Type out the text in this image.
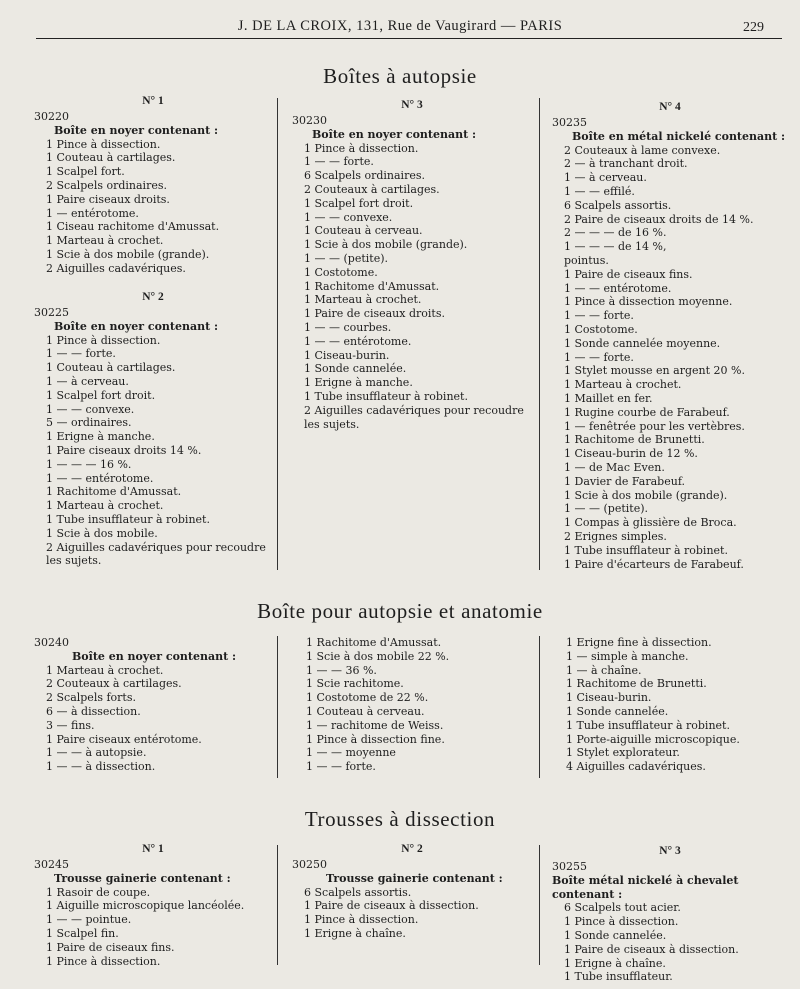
J. DE LA CROIX, 131, Rue de Vaugirard — PARIS	229
Boîtes à autopsie
N° 1
30220
Boîte en noyer contenant :
1 Pince à dissection.
1 Couteau à cartilages.
1 Scalpel fort.
2 Scalpels ordinaires.
1 Paire ciseaux droits.
1 — entérotome.
1 Ciseau rachitome d'Amussat.
1 Marteau à crochet.
1 Scie à dos mobile (grande).
2 Aiguilles cadavériques.
N° 2
30225
Boîte en noyer contenant :
1 Pince à dissection.
1 — — forte.
1 Couteau à cartilages.
1 — à cerveau.
1 Scalpel fort droit.
1 — — convexe.
5 — ordinaires.
1 Erigne à manche.
1 Paire ciseaux droits 14 %.
1 — — — 16 %.
1 — — entérotome.
1 Rachitome d'Amussat.
1 Marteau à crochet.
1 Tube insufflateur à robinet.
1 Scie à dos mobile.
2 Aiguilles cadavériques pour recoudre les sujets.
N° 3
30230
Boîte en noyer contenant :
1 Pince à dissection.
1 — — forte.
6 Scalpels ordinaires.
2 Couteaux à cartilages.
1 Scalpel fort droit.
1 — — convexe.
1 Couteau à cerveau.
1 Scie à dos mobile (grande).
1 — — (petite).
1 Costotome.
1 Rachitome d'Amussat.
1 Marteau à crochet.
1 Paire de ciseaux droits.
1 — — courbes.
1 — — entérotome.
1 Ciseau-burin.
1 Sonde cannelée.
1 Erigne à manche.
1 Tube insufflateur à robinet.
2 Aiguilles cadavériques pour recoudre les sujets.
N° 4
30235
Boîte en métal nickelé contenant :
2 Couteaux à lame convexe.
2 — à tranchant droit.
1 — à cerveau.
1 — — effilé.
6 Scalpels assortis.
2 Paire de ciseaux droits de 14 %.
2 — — — de 16 %.
1 — — — de 14 %,
pointus.
1 Paire de ciseaux fins.
1 — — entérotome.
1 Pince à dissection moyenne.
1 — — forte.
1 Costotome.
1 Sonde cannelée moyenne.
1 — — forte.
1 Stylet mousse en argent 20 %.
1 Marteau à crochet.
1 Maillet en fer.
1 Rugine courbe de Farabeuf.
1 — fenêtrée pour les vertèbres.
1 Rachitome de Brunetti.
1 Ciseau-burin de 12 %.
1 — de Mac Even.
1 Davier de Farabeuf.
1 Scie à dos mobile (grande).
1 — — (petite).
1 Compas à glissière de Broca.
2 Erignes simples.
1 Tube insufflateur à robinet.
1 Paire d'écarteurs de Farabeuf.
Boîte pour autopsie et anatomie
30240
Boîte en noyer contenant :
1 Marteau à crochet.
2 Couteaux à cartilages.
2 Scalpels forts.
6 — à dissection.
3 — fins.
1 Paire ciseaux entérotome.
1 — — à autopsie.
1 — — à dissection.
1 Rachitome d'Amussat.
1 Scie à dos mobile 22 %.
1 — — 36 %.
1 Scie rachitome.
1 Costotome de 22 %.
1 Couteau à cerveau.
1 — rachitome de Weiss.
1 Pince à dissection fine.
1 — — moyenne
1 — — forte.
1 Erigne fine à dissection.
1 — simple à manche.
1 — à chaîne.
1 Rachitome de Brunetti.
1 Ciseau-burin.
1 Sonde cannelée.
1 Tube insufflateur à robinet.
1 Porte-aiguille microscopique.
1 Stylet explorateur.
4 Aiguilles cadavériques.
Trousses à dissection
N° 1
30245
Trousse gainerie contenant :
1 Rasoir de coupe.
1 Aiguille microscopique lancéolée.
1 — — pointue.
1 Scalpel fin.
1 Paire de ciseaux fins.
1 Pince à dissection.
N° 2
30250
Trousse gainerie contenant :
6 Scalpels assortis.
1 Paire de ciseaux à dissection.
1 Pince à dissection.
1 Erigne à chaîne.
N° 3
30255
Boîte métal nickelé à chevalet contenant :
6 Scalpels tout acier.
1 Pince à dissection.
1 Sonde cannelée.
1 Paire de ciseaux à dissection.
1 Erigne à chaîne.
1 Tube insufflateur.
